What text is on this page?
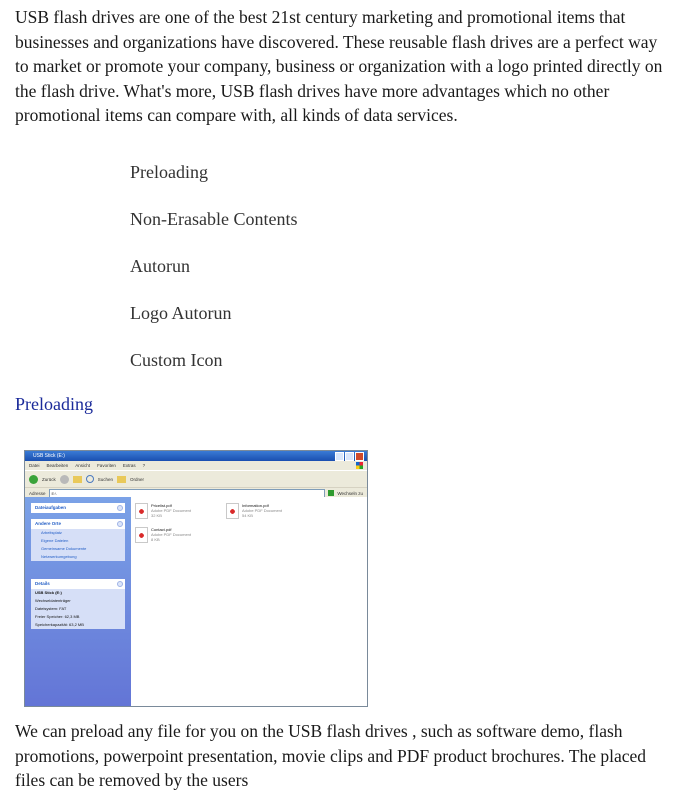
USB flash drives are one of the best 21st century marketing and promotional items that businesses and organizations have discovered. These reusable flash drives are a perfect way to market or promote your company, business or organization with a logo printed directly on the flash drive. What's more, USB flash drives have more advantages which no other promotional items can compare with, all kinds of data services.

Preloading
Non-Erasable Contents
Autorun
Logo Autorun
Custom Icon
Preloading
USB Stick (E:)
Datei Bearbeiten Ansicht Favoriten Extras ?
Zurück	Suchen	Ordner
Adresse	E:\	Wechseln zu
Dateiaufgaben
Andere Orte
Arbeitsplatz
Eigene Dateien
Gemeinsame Dokumente
Netzwerkumgebung
Details
USB Stick (E:)
Wechseldatenträger
Dateisystem: FAT
Freier Speicher: 62,3 MB
Speicherkapazität: 63,2 MB
Pricelist.pdf
Adobe PDF Document
32 KB
Information.pdf
Adobe PDF Document
54 KB
Contact.pdf
Adobe PDF Document
8 KB

We can preload any file for you on the USB flash drives , such as software demo, flash promotions, powerpoint presentation, movie clips and PDF product brochures. The placed files can be removed by the users
